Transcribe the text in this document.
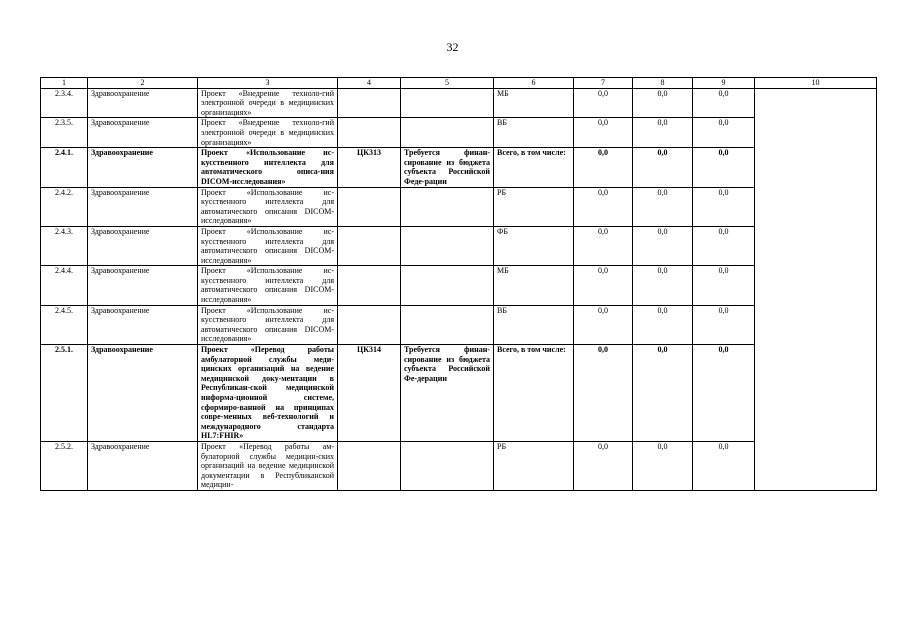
32
1	2	3	4	5	6	7	8	9	10
2.3.4.	Здравоохранение	Проект «Внедрение техноло-гий электронной очереди в медицинских организациях»			МБ	0,0	0,0	0,0	
2.3.5.	Здравоохранение	Проект «Внедрение техноло-гий электронной очереди в медицинских организациях»			ВБ	0,0	0,0	0,0	
2.4.1.	Здравоохранение	Проект «Использование ис-кусственного интеллекта для автоматического описа-ния DICOM-исследования»	ЦК313	Требуется финан-сирование из бюджета субъекта Российской Феде-рации	Всего, в том числе:	0,0	0,0	0,0	
2.4.2.	Здравоохранение	Проект «Использование ис-кусственного интеллекта для автоматического описания DICOM-исследования»			РБ	0,0	0,0	0,0	
2.4.3.	Здравоохранение	Проект «Использование ис-кусственного интеллекта для автоматического описания DICOM-исследования»			ФБ	0,0	0,0	0,0	
2.4.4.	Здравоохранение	Проект «Использование ис-кусственного интеллекта для автоматического описания DICOM-исследования»			МБ	0,0	0,0	0,0	
2.4.5.	Здравоохранение	Проект «Использование ис-кусственного интеллекта для автоматического описания DICOM-исследования»			ВБ	0,0	0,0	0,0	
2.5.1.	Здравоохранение	Проект «Перевод работы амбулаторной службы меди-цинских организаций на ведение медицинской доку-ментации в Республикан-ской медицинской информа-ционной системе, сформиро-ванной на принципах совре-менных веб-технологий и международного стандарта HL7:FHIR»	ЦК314	Требуется финан-сирование из бюджета субъекта Российской Фе-дерации	Всего, в том числе:	0,0	0,0	0,0	
2.5.2.	Здравоохранение	Проект «Перевод работы ам-булаторной службы медицин-ских организаций на ведение медицинской документации в Республиканской медицин-			РБ	0,0	0,0	0,0	
